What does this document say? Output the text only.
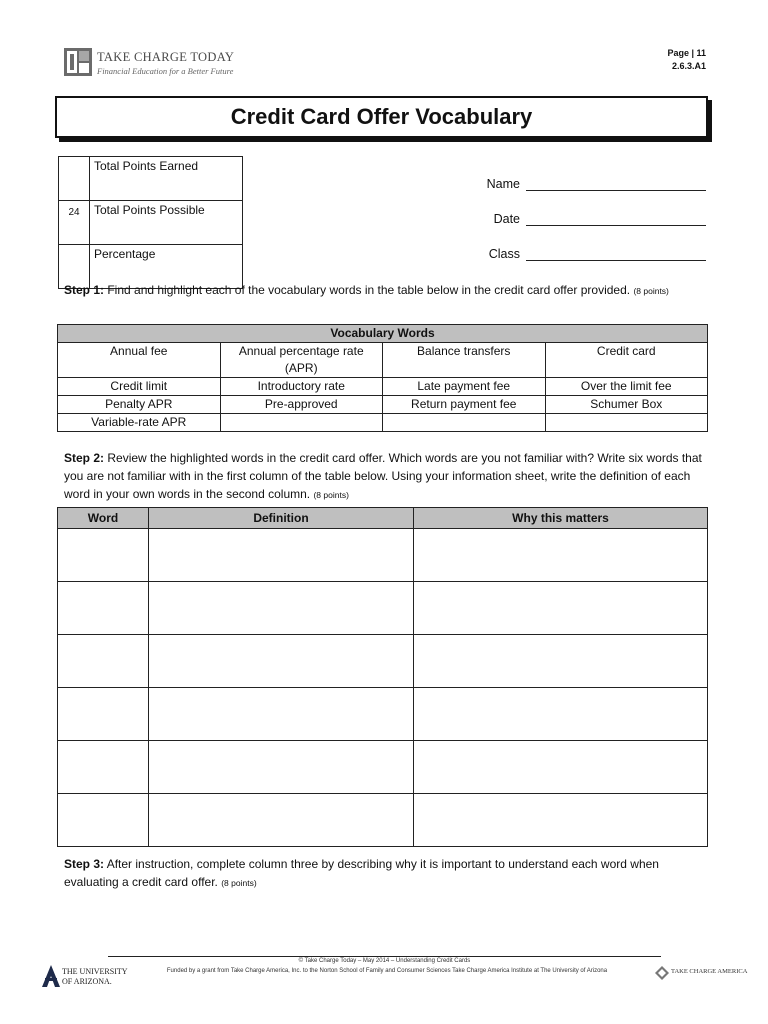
TAKE CHARGE TODAY
Financial Education for a Better Future
Page | 11
2.6.3.A1
Credit Card Offer Vocabulary
	Total Points Earned
24	Total Points Possible
	Percentage
Name
Date
Class
Step 1: Find and highlight each of the vocabulary words in the table below in the credit card offer provided. (8 points)
Vocabulary Words			
Annual fee	Annual percentage rate (APR)	Balance transfers	Credit card
Credit limit	Introductory rate	Late payment fee	Over the limit fee
Penalty APR	Pre-approved	Return payment fee	Schumer Box
Variable-rate APR			
Step 2: Review the highlighted words in the credit card offer. Which words are you not familiar with? Write six words that you are not familiar with in the first column of the table below. Using your information sheet, write the definition of each word in your own words in the second column. (8 points)
Word	Definition	Why this matters

Step 3: After instruction, complete column three by describing why it is important to understand each word when evaluating a credit card offer. (8 points)
© Take Charge Today – May 2014 – Understanding Credit Cards
Funded by a grant from Take Charge America, Inc. to the Norton School of Family and Consumer Sciences Take Charge America Institute at The University of Arizona
THE UNIVERSITY
OF ARIZONA.
TAKE CHARGE AMERICA
